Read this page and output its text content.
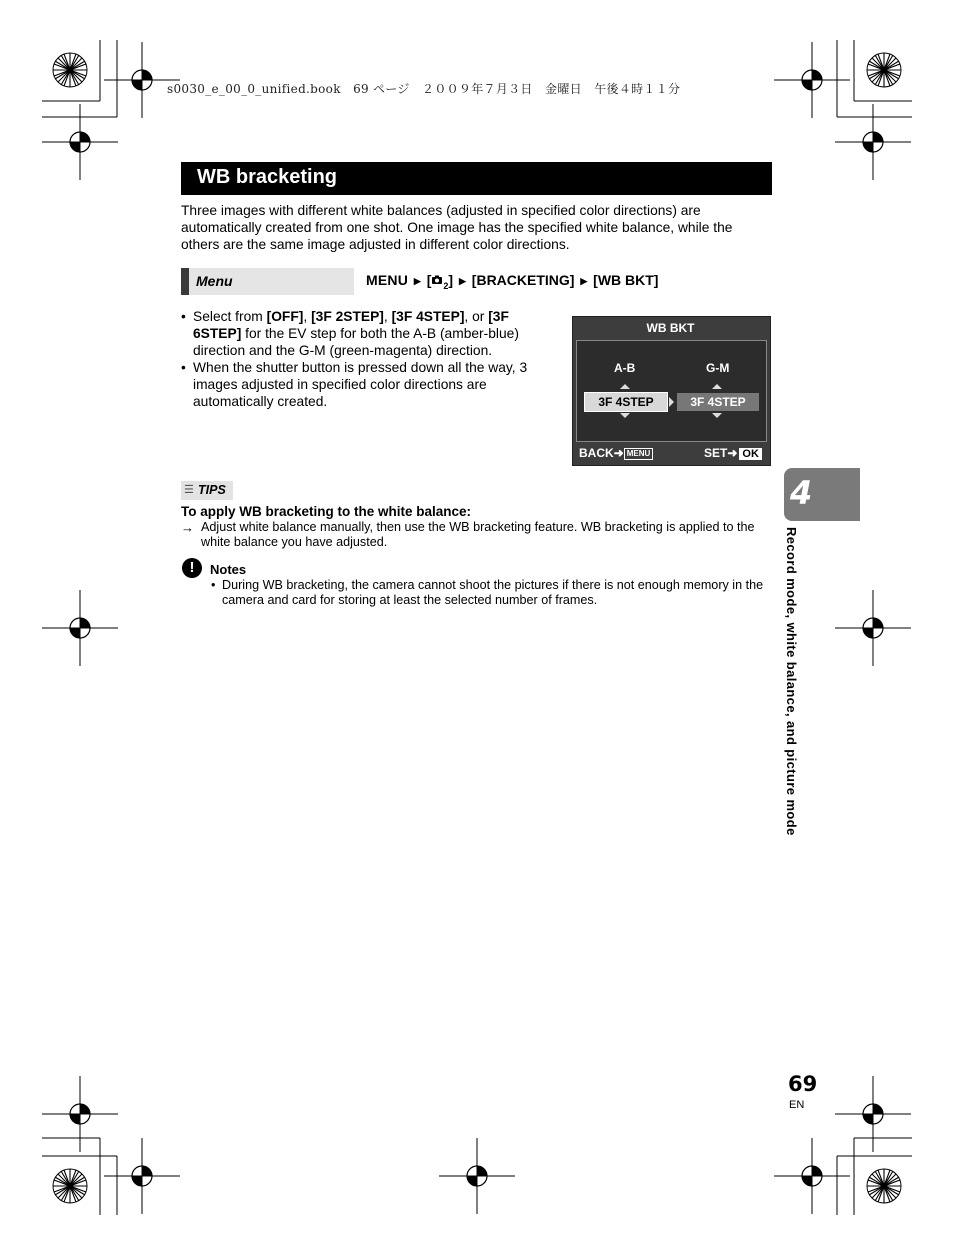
s0030_e_00_0_unified.book　69 ページ　２００９年７月３日　金曜日　午後４時１１分
WB bracketing
Three images with different white balances (adjusted in specified color directions) are automatically created from one shot. One image has the specified white balance, while the others are the same image adjusted in different color directions.
Menu	MENU ▶ [ $_2$] ▶ [BRACKETING] ▶ [WB BKT]
• Select from [OFF], [3F 2STEP], [3F 4STEP], or [3F 6STEP] for the EV step for both the A-B (amber-blue) direction and the G-M (green-magenta) direction.
• When the shutter button is pressed down all the way, 3 images adjusted in specified color directions are automatically created.
WB BKT
A-B	G-M
3F 4STEP	3F 4STEP
BACK➜ MENU	SET➜ OK
☰ TIPS
To apply WB bracketing to the white balance:
→ Adjust white balance manually, then use the WB bracketing feature. WB bracketing is applied to the white balance you have adjusted.
!	Notes
• During WB bracketing, the camera cannot shoot the pictures if there is not enough memory in the camera and card for storing at least the selected number of frames.
4
Record mode, white balance, and picture mode
69
EN
